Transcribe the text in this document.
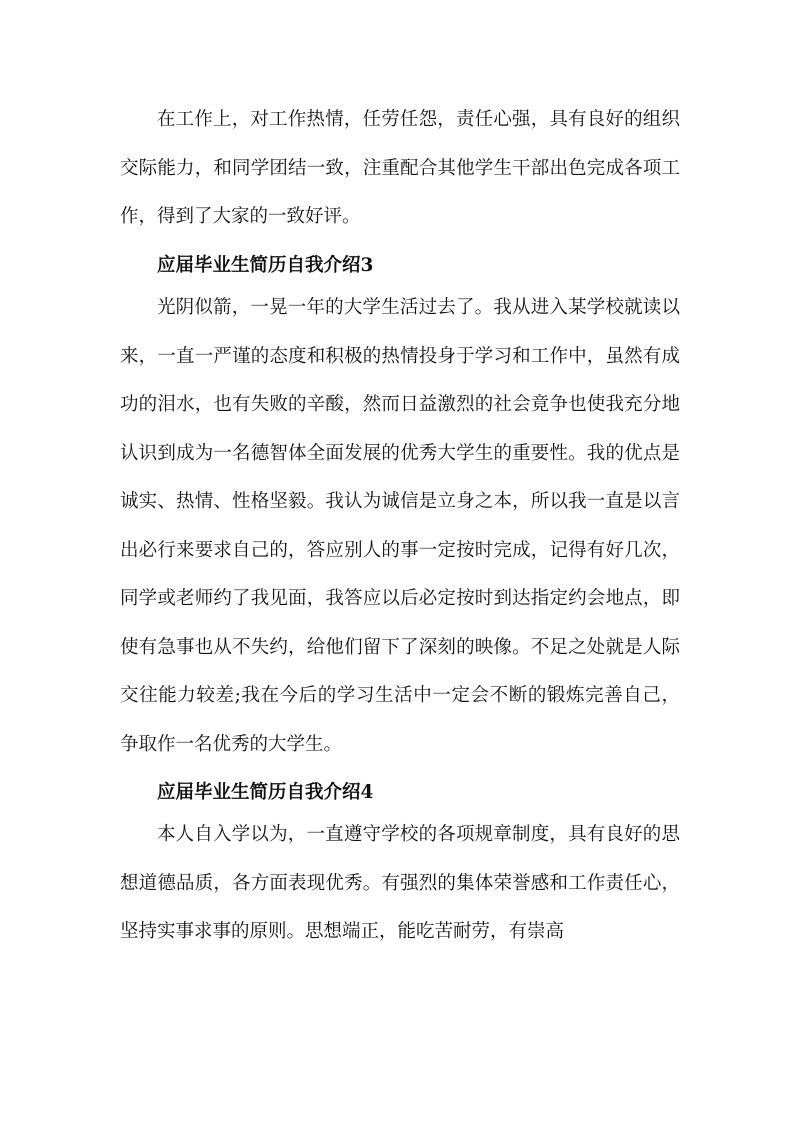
在工作上，对工作热情，任劳任怨，责任心强，具有良好的组织交际能力，和同学团结一致，注重配合其他学生干部出色完成各项工作，得到了大家的一致好评。

应届毕业生简历自我介绍3

光阴似箭，一晃一年的大学生活过去了。我从进入某学校就读以来，一直一严谨的态度和积极的热情投身于学习和工作中，虽然有成功的泪水，也有失败的辛酸，然而日益激烈的社会竟争也使我充分地认识到成为一名德智体全面发展的优秀大学生的重要性。我的优点是诚实、热情、性格坚毅。我认为诚信是立身之本，所以我一直是以言出必行来要求自己的，答应别人的事一定按时完成，记得有好几次，同学或老师约了我见面，我答应以后必定按时到达指定约会地点，即使有急事也从不失约，给他们留下了深刻的映像。不足之处就是人际交往能力较差;我在今后的学习生活中一定会不断的锻炼完善自己，争取作一名优秀的大学生。

应届毕业生简历自我介绍4

本人自入学以为，一直遵守学校的各项规章制度，具有良好的思想道德品质，各方面表现优秀。有强烈的集体荣誉感和工作责任心，坚持实事求事的原则。思想端正，能吃苦耐劳，有崇高
